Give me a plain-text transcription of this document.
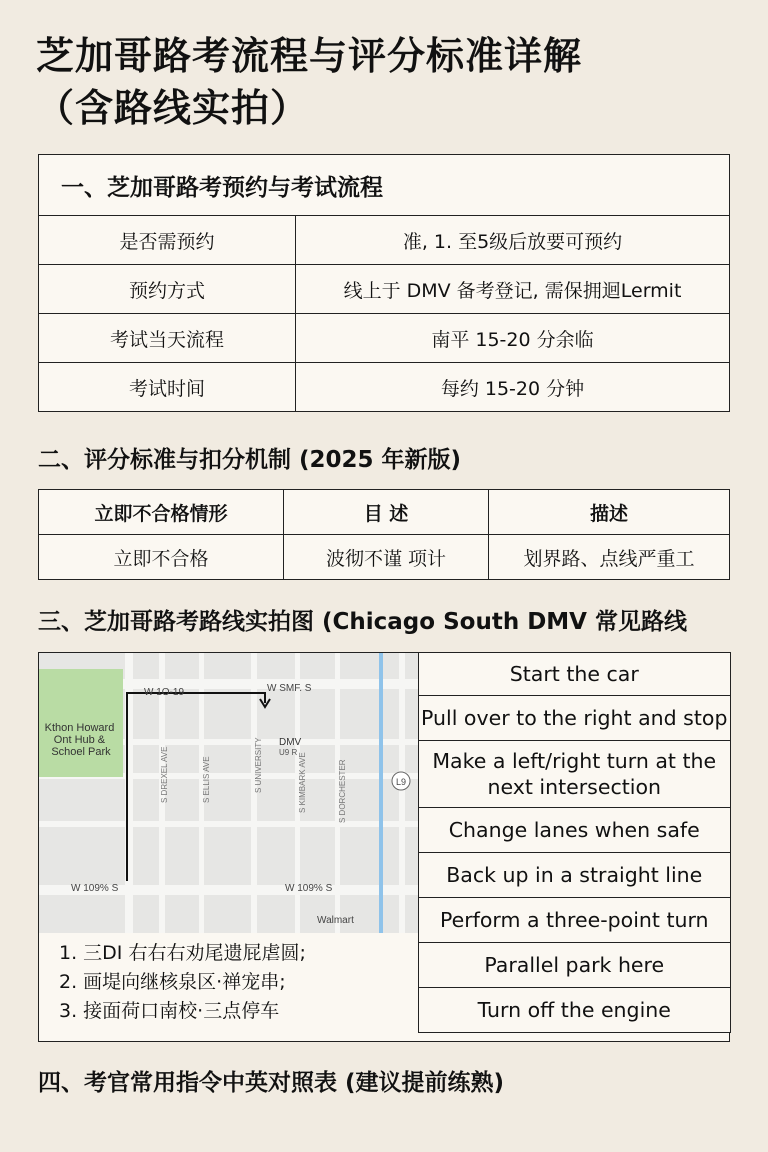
芝加哥路考流程与评分标准详解
（含路线实拍）
一、芝加哥路考预约与考试流程	
是否需预约	准, 1. 至5级后放要可预约
预约方式	线上于 DMV 备考登记, 需保拥迴Lermit
考试当天流程	南平 15-20 分余临
考试时间	每约 15-20 分钟
二、评分标准与扣分机制 (2025 年新版)
立即不合格情形	目 述	描述
立即不合格	波彻不谨 项计	划界路、点线严重工
三、芝加哥路考路线实拍图 (Chicago South DMV 常见路线
L9
Kthon Howard Ont Hub & Schoel Park
W 1O-19	W SMF. S
W 109% S	W 109% S
DMV
U9 R
Walmart
S DREXEL AVE	S ELLIS AVE	S UNIVERSITY	S KIMBARK AVE	S DORCHESTER
1. 三DI 右右右劝尾遗屁虐圆;
2. 画堤向继核泉区·禅宠串;
3. 接面荷口南校·三点停车
Start the car
Pull over to the right and stop
Make a left/right turn at the next intersection
Change lanes when safe
Back up in a straight line
Perform a three-point turn
Parallel park here
Turn off the engine
四、考官常用指令中英对照表 (建议提前练熟)
